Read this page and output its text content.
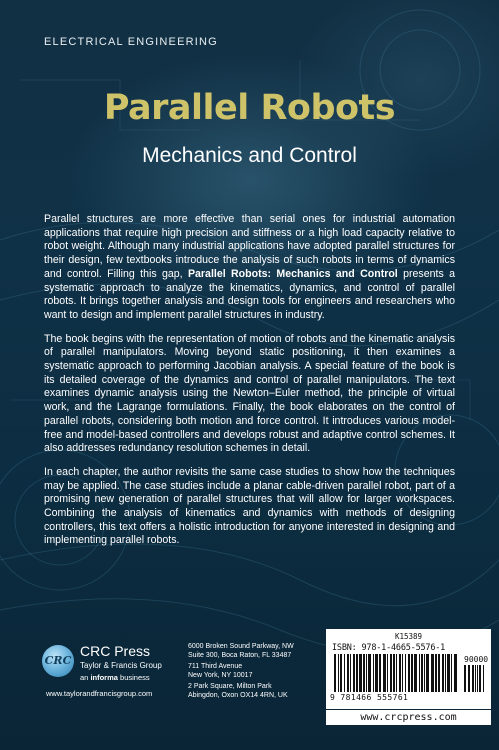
ELECTRICAL ENGINEERING
Parallel Robots
Mechanics and Control

Parallel structures are more effective than serial ones for industrial automation applications that require high precision and stiffness or a high load capacity relative to robot weight. Although many industrial applications have adopted parallel structures for their design, few textbooks introduce the analysis of such robots in terms of dynamics and control. Filling this gap, Parallel Robots: Mechanics and Control presents a systematic approach to analyze the kinematics, dynamics, and control of parallel robots. It brings together analysis and design tools for engineers and researchers who want to design and implement parallel structures in industry.

The book begins with the representation of motion of robots and the kinematic analysis of parallel manipulators. Moving beyond static positioning, it then examines a systematic approach to performing Jacobian analysis. A special feature of the book is its detailed coverage of the dynamics and control of parallel manipulators. The text examines dynamic analysis using the Newton–Euler method, the principle of virtual work, and the Lagrange formulations. Finally, the book elaborates on the control of parallel robots, considering both motion and force control. It introduces various model-free and model-based controllers and develops robust and adaptive control schemes. It also addresses redundancy resolution schemes in detail.

In each chapter, the author revisits the same case studies to show how the techniques may be applied. The case studies include a planar cable-driven parallel robot, part of a promising new generation of parallel structures that will allow for larger workspaces. Combining the analysis of kinematics and dynamics with methods of designing controllers, this text offers a holistic introduction for anyone interested in designing and implementing parallel robots.

CRC
CRC Press
Taylor & Francis Group
an informa business
www.taylorandfrancisgroup.com
6000 Broken Sound Parkway, NW
Suite 300, Boca Raton, FL 33487
711 Third Avenue
New York, NY 10017
2 Park Square, Milton Park
Abingdon, Oxon OX14 4RN, UK
K15389
ISBN: 978-1-4665-5576-1
90000
9 781466 555761
www.crcpress.com
